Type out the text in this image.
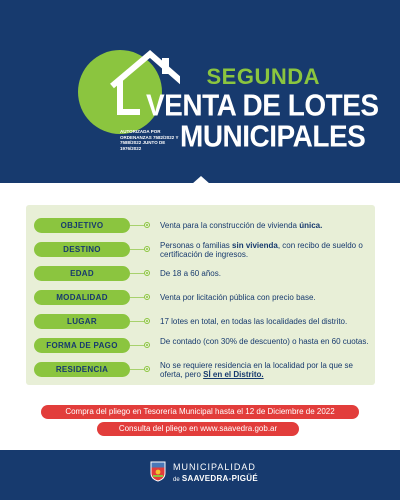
SEGUNDA
VENTA DE LOTES
AUTORIZADA POR ORDENANZAS 7582/2022 Y 7588/2022 JUNTO DE 1976/2022	MUNICIPALES
OBJETIVO	Venta para la construcción de vivienda única.
DESTINO	Personas o familias sin vivienda, con recibo de sueldo o certificación de ingresos.
EDAD	De 18 a 60 años.
MODALIDAD	Venta por licitación pública con precio base.
LUGAR	17 lotes en total, en todas las localidades del distrito.
FORMA DE PAGO	De contado (con 30% de descuento) o hasta en 60 cuotas.
RESIDENCIA	No se requiere residencia en la localidad por la que se oferta, pero SÍ en el Distrito.
Compra del pliego en Tesorería Municipal hasta el 12 de Diciembre de 2022
Consulta del pliego en www.saavedra.gob.ar
MUNICIPALIDAD
de SAAVEDRA-PIGÜÉ
